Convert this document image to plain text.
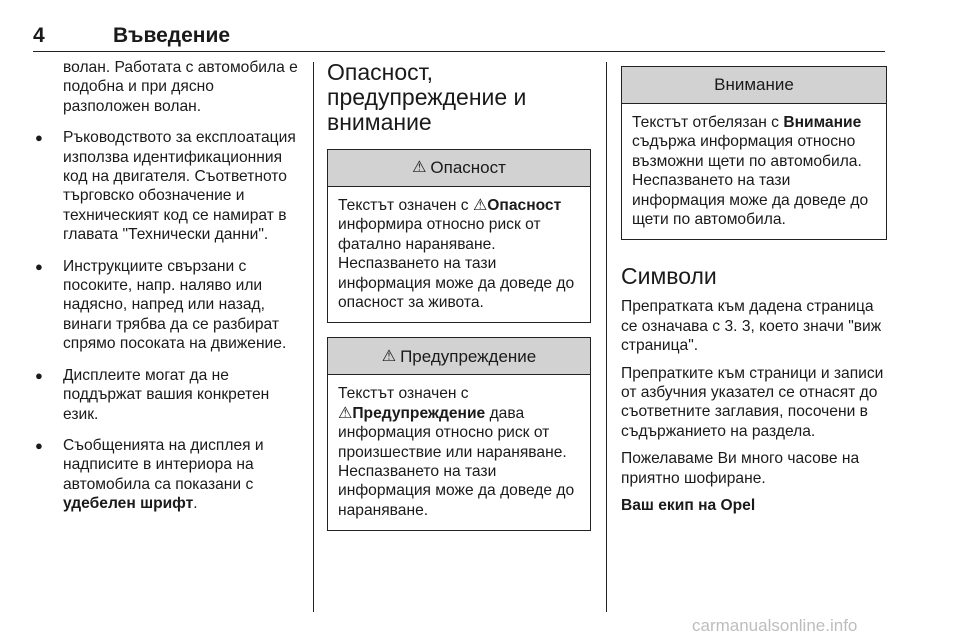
4	Въведение

волан. Работата с автомобила е подобна и при дясно разположен волан.

● Ръководството за експлоатация използва идентификационния код на двигателя. Съответното търговско обозначение и техническият код се намират в главата "Технически данни".
● Инструкциите свързани с посоките, напр. наляво или надясно, напред или назад, винаги трябва да се разбират спрямо посоката на движение.
● Дисплеите могат да не поддържат вашия конкретен език.
● Съобщенията на дисплея и надписите в интериора на автомобила са показани с удебелен шрифт.
Опасност, предупреждение и внимание
⚠ Опасност
Текстът означен с ⚠Опасност информира относно риск от фатално нараняване. Неспазването на тази информация може да доведе до опасност за живота.
⚠ Предупреждение
Текстът означен с ⚠Предупреждение дава информация относно риск от произшествие или нараняване. Неспазването на тази информация може да доведе до нараняване.
Внимание
Текстът отбелязан с Внимание съдържа информация относно възможни щети по автомобила. Неспазването на тази информация може да доведе до щети по автомобила.
Символи

Препратката към дадена страница се означава с 3. 3, което значи "виж страница".

Препратките към страници и записи от азбучния указател се отнасят до съответните заглавия, посочени в съдържанието на раздела.

Пожелаваме Ви много часове на приятно шофиране.

Ваш екип на Opel

carmanualsonline.info
